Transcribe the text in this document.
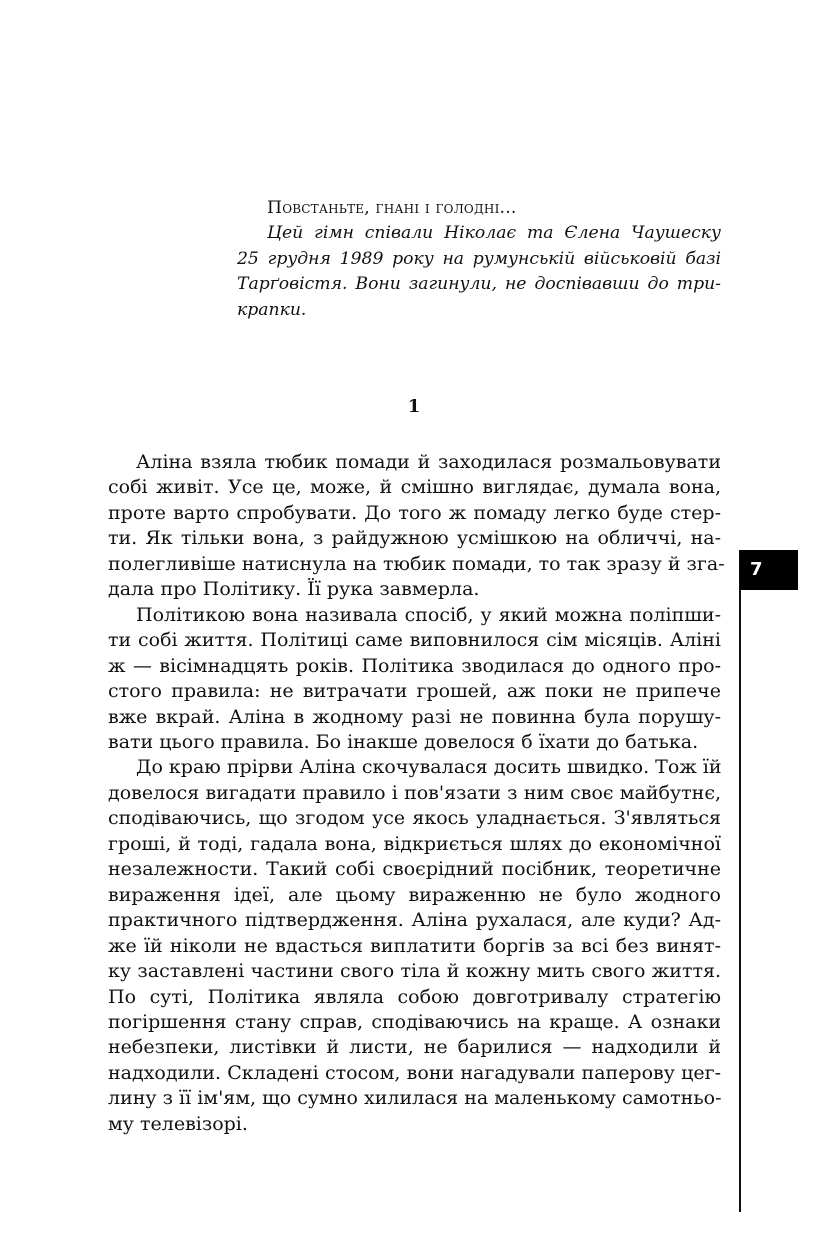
Повстаньте, гнані і голодні...
Цей гімн співали Ніколає та Єлена Чаушеску
25 грудня 1989 року на румунській військовій базі
Тарґовістя. Вони загинули, не доспівавши до три-
крапки.
1
Аліна взяла тюбик помади й заходилася розмальовувати
собі живіт. Усе це, може, й смішно виглядає, думала вона,
проте варто спробувати. До того ж помаду легко буде стер-
ти. Як тільки вона, з райдужною усмішкою на обличчі, на-
полегливіше натиснула на тюбик помади, то так зразу й зга-
дала про Політику. Її рука завмерла.
Політикою вона називала спосіб, у який можна поліпши-
ти собі життя. Політиці саме виповнилося сім місяців. Аліні
ж — вісімнадцять років. Політика зводилася до одного про-
стого правила: не витрачати грошей, аж поки не припече
вже вкрай. Аліна в жодному разі не повинна була порушу-
вати цього правила. Бо інакше довелося б їхати до батька.
До краю прірви Аліна скочувалася досить швидко. Тож їй
довелося вигадати правило і пов'язати з ним своє майбутнє,
сподіваючись, що згодом усе якось уладнається. З'являться
гроші, й тоді, гадала вона, відкриється шлях до економічної
незалежности. Такий собі своєрідний посібник, теоретичне
вираження ідеї, але цьому вираженню не було жодного
практичного підтвердження. Аліна рухалася, але куди? Ад-
же їй ніколи не вдасться виплатити боргів за всі без винят-
ку заставлені частини свого тіла й кожну мить свого життя.
По суті, Політика являла собою довготривалу стратегію
погіршення стану справ, сподіваючись на краще. А ознаки
небезпеки, листівки й листи, не барилися — надходили й
надходили. Складені стосом, вони нагадували паперову цег-
лину з її ім'ям, що сумно хилилася на маленькому самотньо-
му телевізорі.
7
